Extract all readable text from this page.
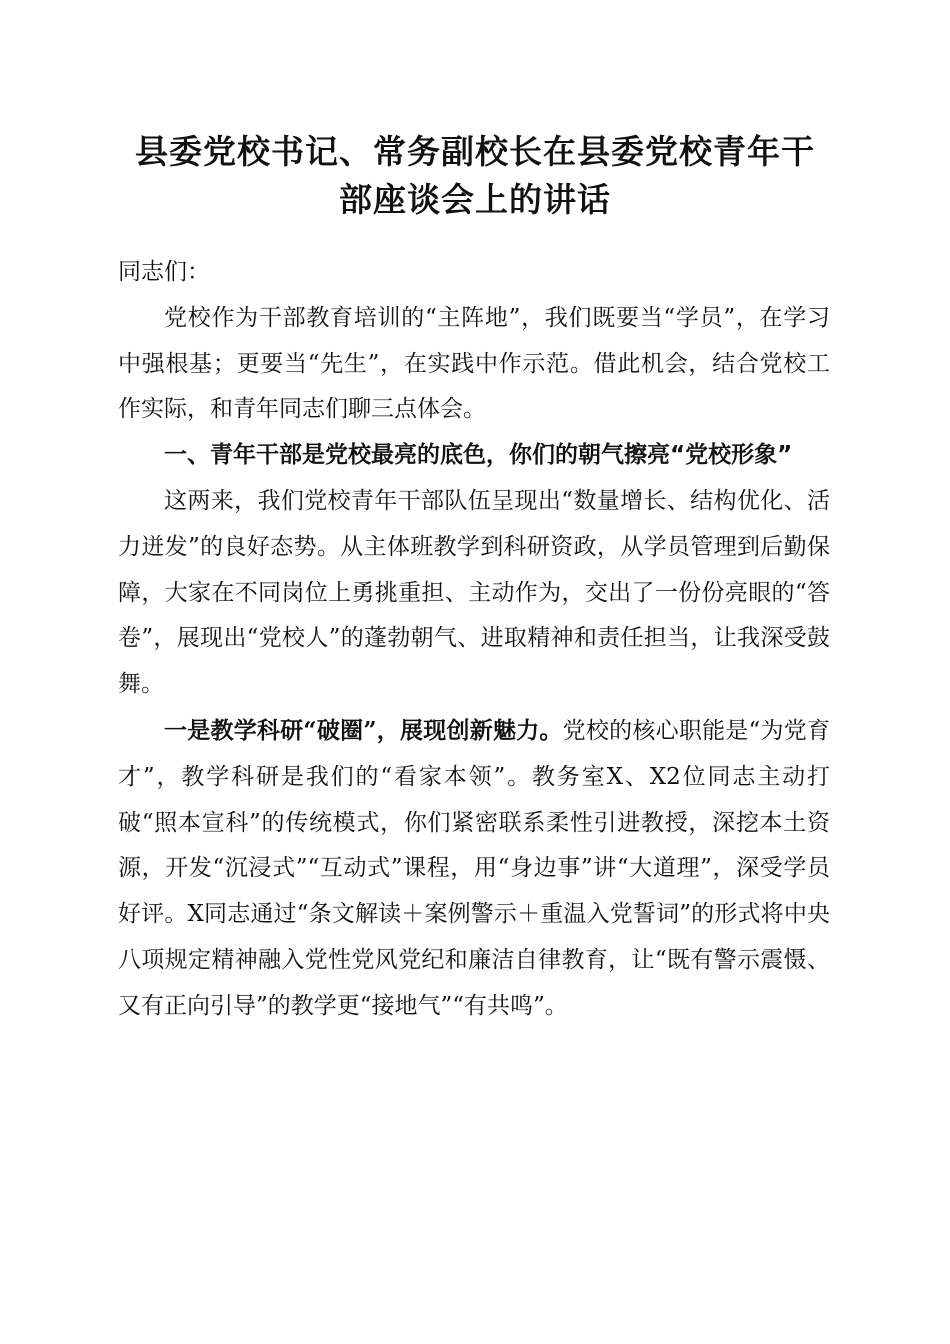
县委党校书记、常务副校长在县委党校青年干
部座谈会上的讲话

同志们：

党校作为干部教育培训的“主阵地”，我们既要当“学员”，在学习中强根基；更要当“先生”，在实践中作示范。借此机会，结合党校工作实际，和青年同志们聊三点体会。

一、青年干部是党校最亮的底色，你们的朝气擦亮“党校形象”

这两来，我们党校青年干部队伍呈现出“数量增长、结构优化、活力迸发”的良好态势。从主体班教学到科研资政，从学员管理到后勤保障，大家在不同岗位上勇挑重担、主动作为，交出了一份份亮眼的“答卷”，展现出“党校人”的蓬勃朝气、进取精神和责任担当，让我深受鼓舞。

一是教学科研“破圈”，展现创新魅力。党校的核心职能是“为党育才”，教学科研是我们的“看家本领”。教务室X、X2位同志主动打破“照本宣科”的传统模式，你们紧密联系柔性引进教授，深挖本土资源，开发“沉浸式”“互动式”课程，用“身边事”讲“大道理”，深受学员好评。X同志通过“条文解读＋案例警示＋重温入党誓词”的形式将中央八项规定精神融入党性党风党纪和廉洁自律教育，让“既有警示震慑、又有正向引导”的教学更“接地气”“有共鸣”。
